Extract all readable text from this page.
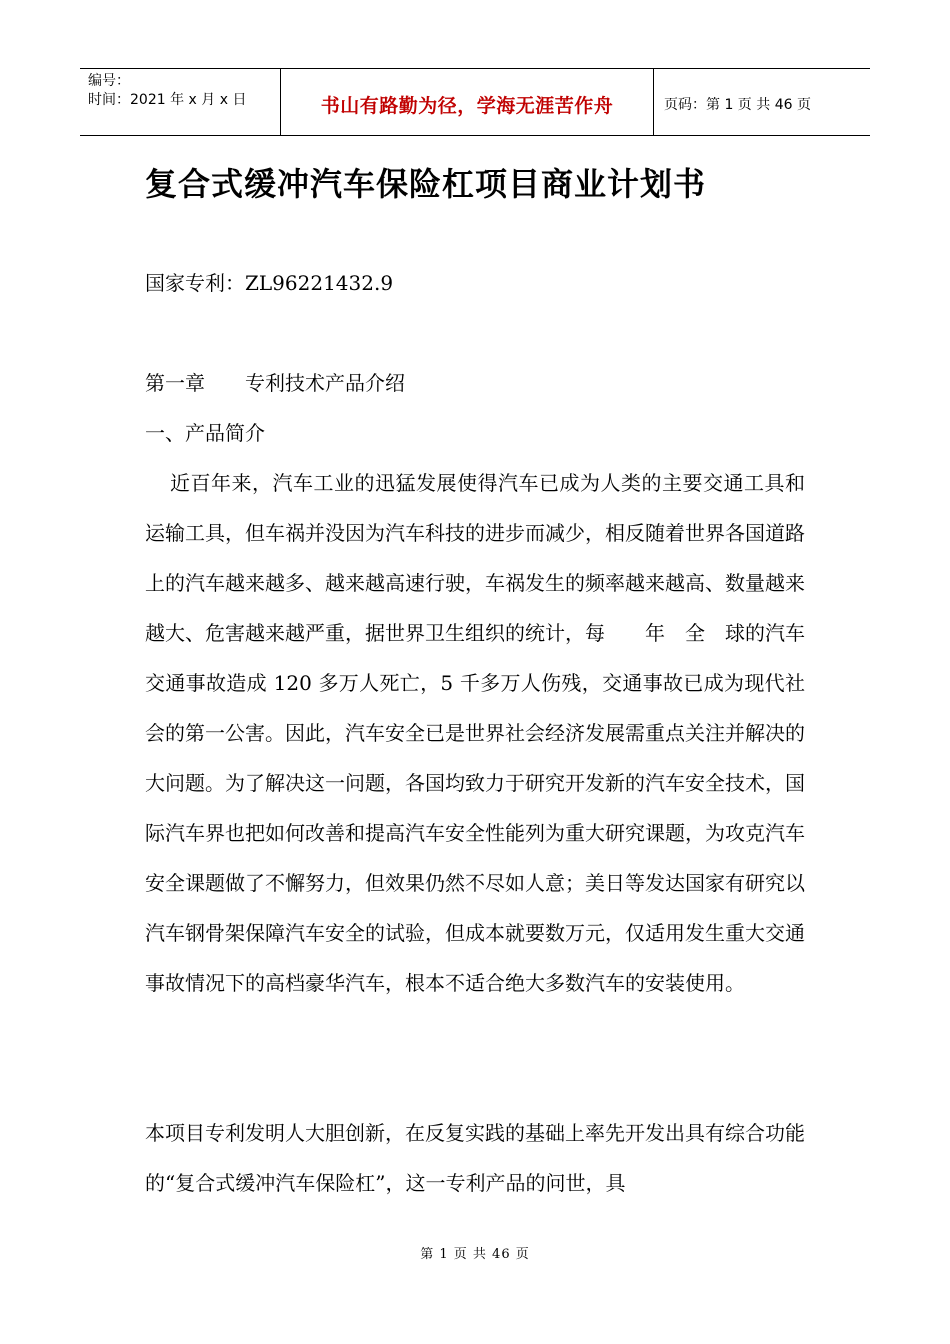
编号：
时间：2021 年 x 月 x 日	书山有路勤为径，学海无涯苦作舟	页码：第 1 页 共 46 页
复合式缓冲汽车保险杠项目商业计划书
国家专利：ZL96221432.9
第一章　　专利技术产品介绍
一、产品简介

近百年来，汽车工业的迅猛发展使得汽车已成为人类的主要交通工具和运输工具，但车祸并没因为汽车科技的进步而减少，相反随着世界各国道路上的汽车越来越多、越来越高速行驶，车祸发生的频率越来越高、数量越来越大、危害越来越严重，据世界卫生组织的统计，每　　年　全　球的汽车交通事故造成 120 多万人死亡，5 千多万人伤残，交通事故已成为现代社会的第一公害。因此，汽车安全已是世界社会经济发展需重点关注并解决的大问题。为了解决这一问题，各国均致力于研究开发新的汽车安全技术，国际汽车界也把如何改善和提高汽车安全性能列为重大研究课题，为攻克汽车安全课题做了不懈努力，但效果仍然不尽如人意；美日等发达国家有研究以汽车钢骨架保障汽车安全的试验，但成本就要数万元，仅适用发生重大交通事故情况下的高档豪华汽车，根本不适合绝大多数汽车的安装使用。

本项目专利发明人大胆创新，在反复实践的基础上率先开发出具有综合功能的“复合式缓冲汽车保险杠”，这一专利产品的问世，具

第 1 页 共 46 页
